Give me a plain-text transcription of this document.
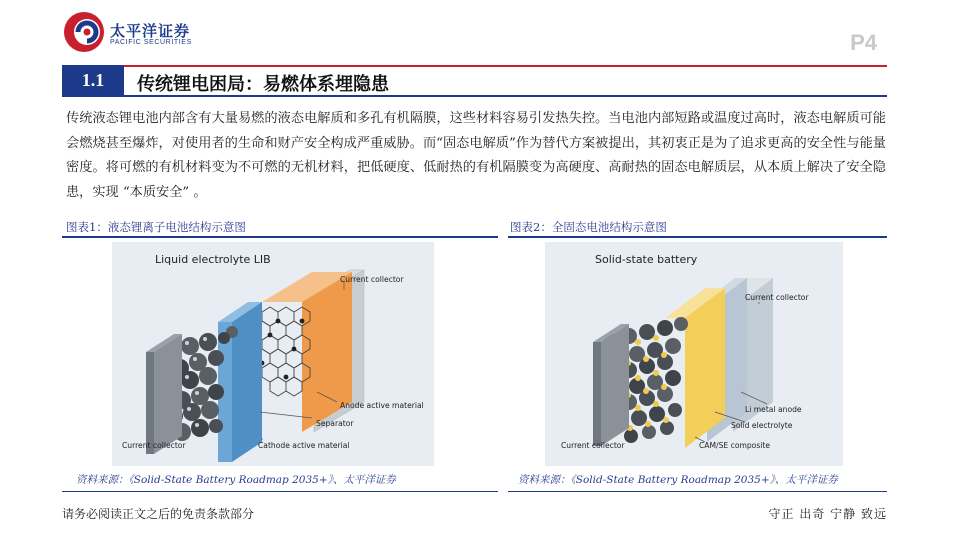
太平洋证券
PACIFIC SECURITIES	P4
1.1	传统锂电困局：易燃体系埋隐患
传统液态锂电池内部含有大量易燃的液态电解质和多孔有机隔膜，这些材料容易引发热失控。当电池内部短路或温度过高时，液态电解质可能会燃烧甚至爆炸，对使用者的生命和财产安全构成严重威胁。而“固态电解质”作为替代方案被提出，其初衷正是为了追求更高的安全性与能量密度。将可燃的有机材料变为不可燃的无机材料，把低硬度、低耐热的有机隔膜变为高硬度、高耐热的固态电解质层，从本质上解决了安全隐患，实现 “本质安全” 。
图表1：液态锂离子电池结构示意图	图表2：全固态电池结构示意图
Liquid electrolyte LIB
Current collector
Anode active material
Separator
Current collector	Cathode active material
Solid-state battery
Current collector
Li metal anode
Solid electrolyte
Current collector	CAM/SE composite
资料来源：《Solid-State Battery Roadmap 2035+》、太平洋证券	资料来源：《Solid-State Battery Roadmap 2035+》、太平洋证券
请务必阅读正文之后的免责条款部分	守正 出奇 宁静 致远
